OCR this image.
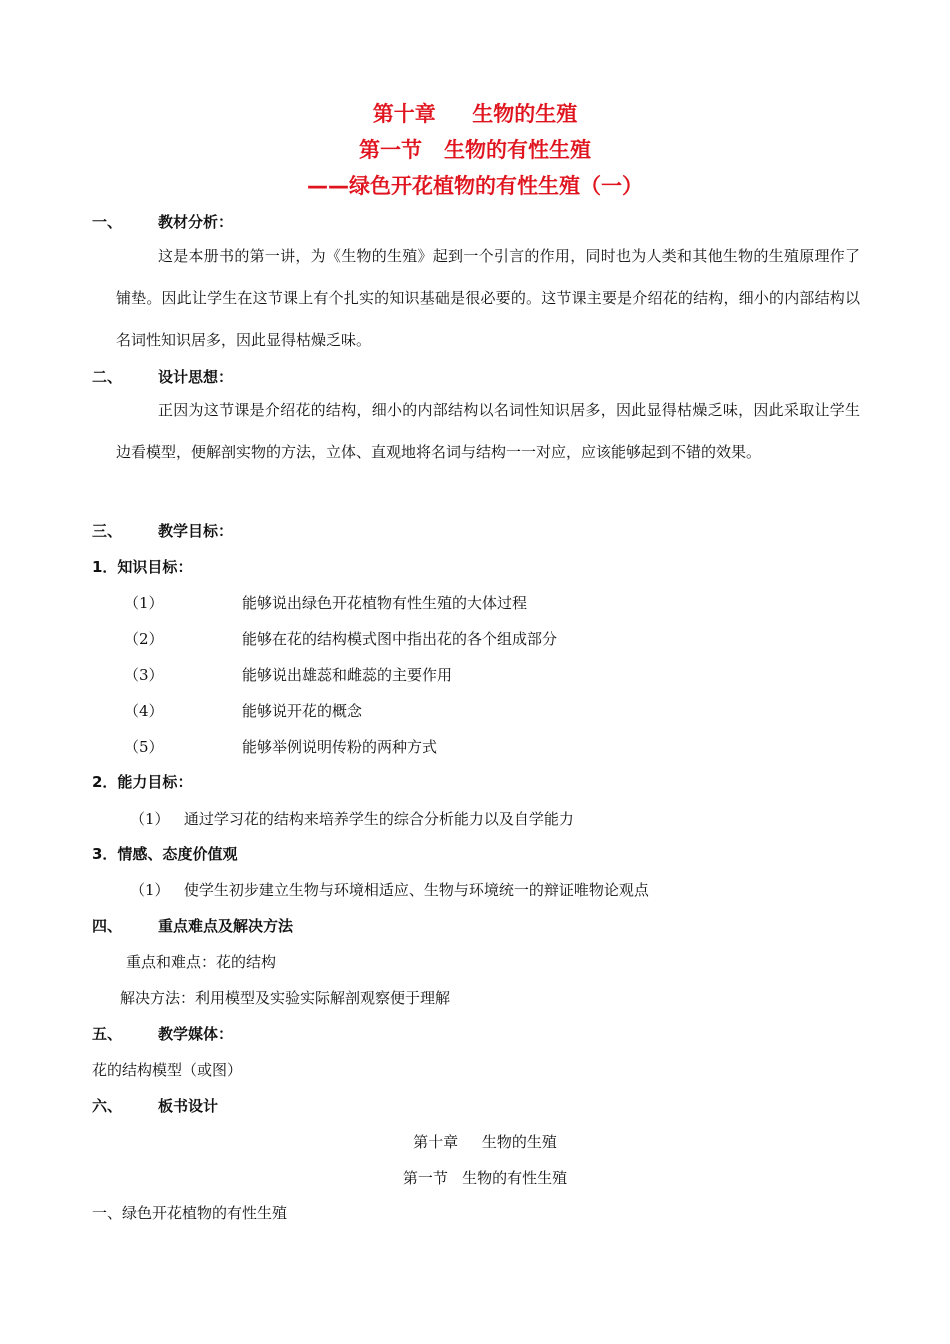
第十章     生物的生殖
第一节   生物的有性生殖
——绿色开花植物的有性生殖（一）
一、 教材分析：
这是本册书的第一讲，为《生物的生殖》起到一个引言的作用，同时也为人类和其他生物的生殖原理作了铺垫。因此让学生在这节课上有个扎实的知识基础是很必要的。这节课主要是介绍花的结构，细小的内部结构以名词性知识居多，因此显得枯燥乏味。
二、 设计思想：
正因为这节课是介绍花的结构，细小的内部结构以名词性知识居多，因此显得枯燥乏味，因此采取让学生边看模型，便解剖实物的方法，立体、直观地将名词与结构一一对应，应该能够起到不错的效果。
三、 教学目标：
1．知识目标：
（1）	能够说出绿色开花植物有性生殖的大体过程
（2）	能够在花的结构模式图中指出花的各个组成部分
（3）	能够说出雄蕊和雌蕊的主要作用
（4）	能够说开花的概念
（5）	能够举例说明传粉的两种方式
2．能力目标：
（1）   通过学习花的结构来培养学生的综合分析能力以及自学能力
3．情感、态度价值观
（1）   使学生初步建立生物与环境相适应、生物与环境统一的辩证唯物论观点
四、 重点难点及解决方法
重点和难点：花的结构
解决方法：利用模型及实验实际解剖观察便于理解
五、 教学媒体：
花的结构模型（或图）
六、 板书设计
第十章     生物的生殖
第一节   生物的有性生殖
一、绿色开花植物的有性生殖
